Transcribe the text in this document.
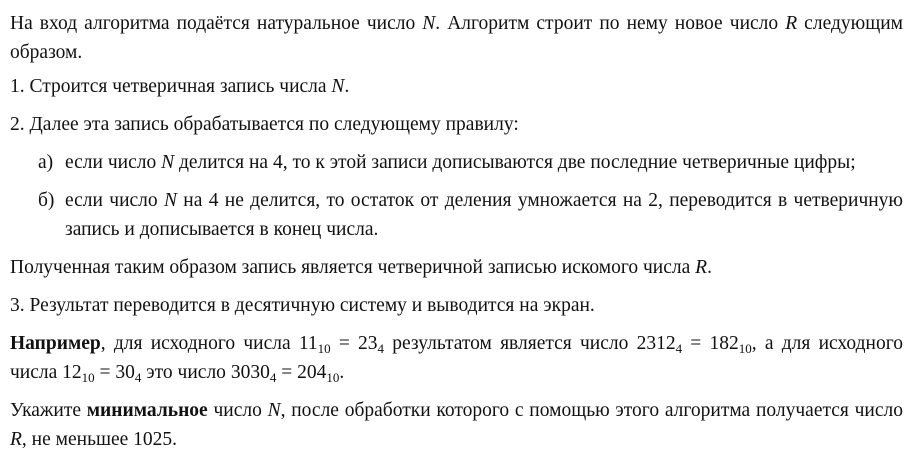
На вход алгоритма подаётся натуральное число N. Алгоритм строит по нему новое число R следующим образом.

1. Строится четверичная запись числа N.

2. Далее эта запись обрабатывается по следующему правилу:

а) если число N делится на 4, то к этой записи дописываются две последние четверичные цифры;
б) если число N на 4 не делится, то остаток от деления умножается на 2, переводится в четверичную запись и дописывается в конец числа.

Полученная таким образом запись является четверичной записью искомого числа R.

3. Результат переводится в десятичную систему и выводится на экран.

Например, для исходного числа $11_{10} = 23_4$ результатом является число $2312_4 = 182_{10}$, а для исходного числа $12_{10} = 30_4$ это число $3030_4 = 204_{10}$.

Укажите минимальное число N, после обработки которого с помощью этого алгоритма получается число R, не меньшее 1025.
